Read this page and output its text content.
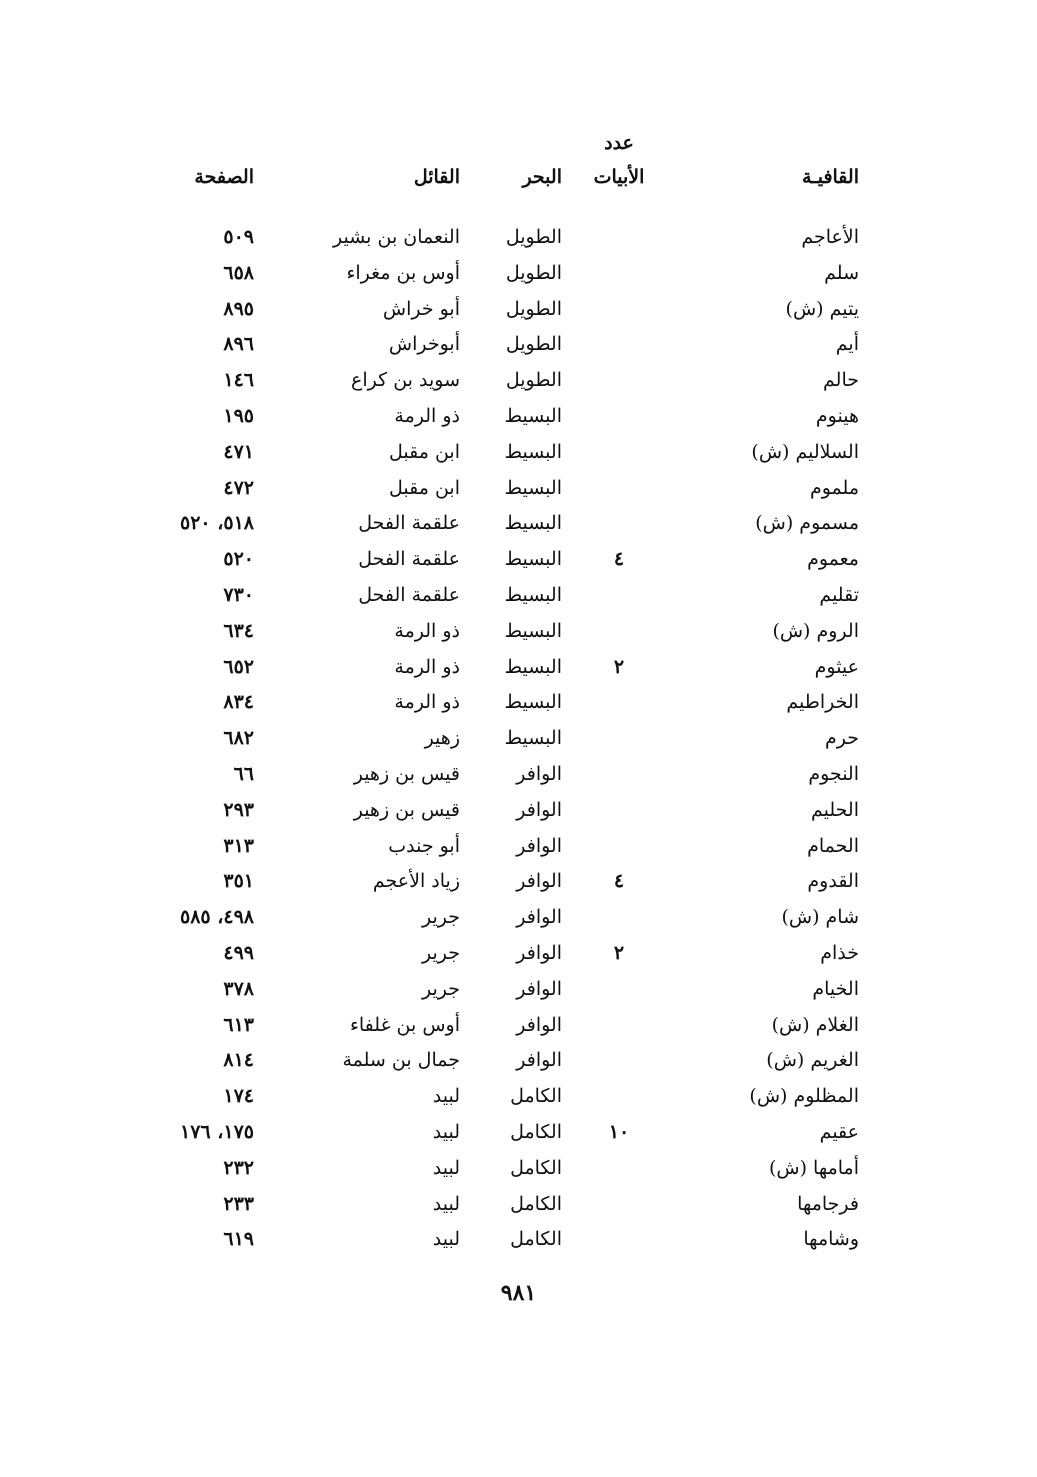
القافيـة
عدد
الأبيات
البحر
القائل
الصفحة
الأعاجم
الطويل
النعمان بن بشير
٥٠٩
سلم
الطويل
أوس بن مغراء
٦٥٨
يتيم (ش)
الطويل
أبو خراش
٨٩٥
أيم
الطويل
أبوخراش
٨٩٦
حالم
الطويل
سويد بن كراع
١٤٦
هينوم
البسيط
ذو الرمة
١٩٥
السلاليم (ش)
البسيط
ابن مقبل
٤٧١
ملموم
البسيط
ابن مقبل
٤٧٢
مسموم (ش)
البسيط
علقمة الفحل
٥١٨، ٥٢٠
معموم
٤
البسيط
علقمة الفحل
٥٢٠
تقليم
البسيط
علقمة الفحل
٧٣٠
الروم (ش)
البسيط
ذو الرمة
٦٣٤
عيثوم
٢
البسيط
ذو الرمة
٦٥٢
الخراطيم
البسيط
ذو الرمة
٨٣٤
حرم
البسيط
زهير
٦٨٢
النجوم
الوافر
قيس بن زهير
٦٦
الحليم
الوافر
قيس بن زهير
٢٩٣
الحمام
الوافر
أبو جندب
٣١٣
القدوم
٤
الوافر
زياد الأعجم
٣٥١
شام (ش)
الوافر
جرير
٤٩٨، ٥٨٥
خذام
٢
الوافر
جرير
٤٩٩
الخيام
الوافر
جرير
٣٧٨
الغلام (ش)
الوافر
أوس بن غلفاء
٦١٣
الغريم (ش)
الوافر
جمال بن سلمة
٨١٤
المظلوم (ش)
الكامل
لبيد
١٧٤
عقيم
١٠
الكامل
لبيد
١٧٥، ١٧٦
أمامها (ش)
الكامل
لبيد
٢٣٢
فرجامها
الكامل
لبيد
٢٣٣
وشامها
الكامل
لبيد
٦١٩
٩٨١
